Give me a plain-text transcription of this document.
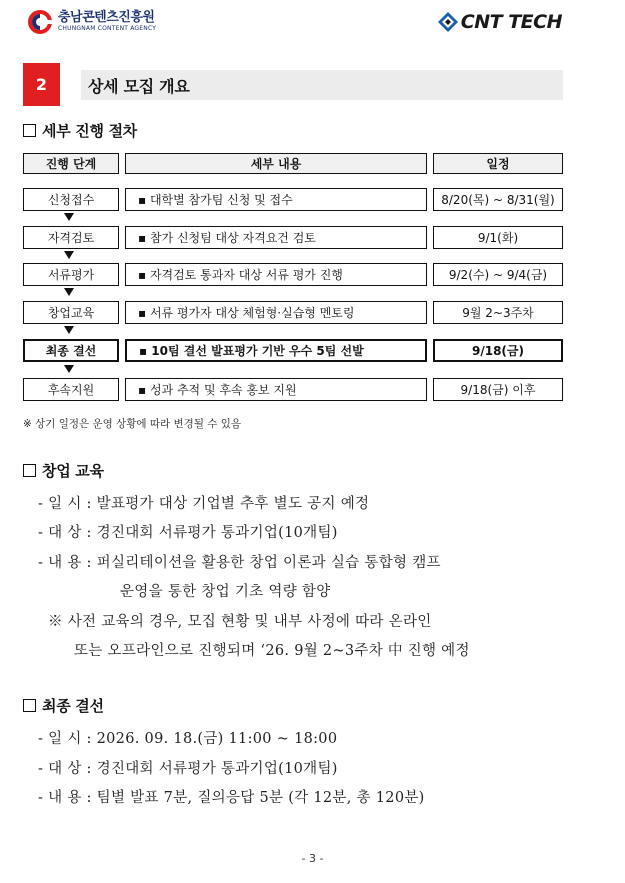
충남콘텐츠진흥원
CHUNGNAM CONTENT AGENCY	CNT TECH
2	상세 모집 개요
세부 진행 절차
진행 단계	세부 내용	일정
신청접수	▪ 대학별 참가팀 신청 및 접수	8/20(목) ~ 8/31(월)
자격검토	▪ 참가 신청팀 대상 자격요건 검토	9/1(화)
서류평가	▪ 자격검토 통과자 대상 서류 평가 진행	9/2(수) ~ 9/4(금)
창업교육	▪ 서류 평가자 대상 체험형·실습형 멘토링	9월 2~3주차
최종 결선	▪ 10팀 결선 발표평가 기반 우수 5팀 선발	9/18(금)
후속지원	▪ 성과 추적 및 후속 홍보 지원	9/18(금) 이후
※ 상기 일정은 운영 상황에 따라 변경될 수 있음
창업 교육
- 일 시 : 발표평가 대상 기업별 추후 별도 공지 예정
- 대 상 : 경진대회 서류평가 통과기업(10개팀)
- 내 용 : 퍼실리테이션을 활용한 창업 이론과 실습 통합형 캠프
운영을 통한 창업 기초 역량 함양
※ 사전 교육의 경우, 모집 현황 및 내부 사정에 따라 온라인
또는 오프라인으로 진행되며 ‘26. 9월 2~3주차 中 진행 예정
최종 결선
- 일 시 : 2026. 09. 18.(금) 11:00 ~ 18:00
- 대 상 : 경진대회 서류평가 통과기업(10개팀)
- 내 용 : 팀별 발표 7분, 질의응답 5분 (각 12분, 총 120분)
- 3 -
